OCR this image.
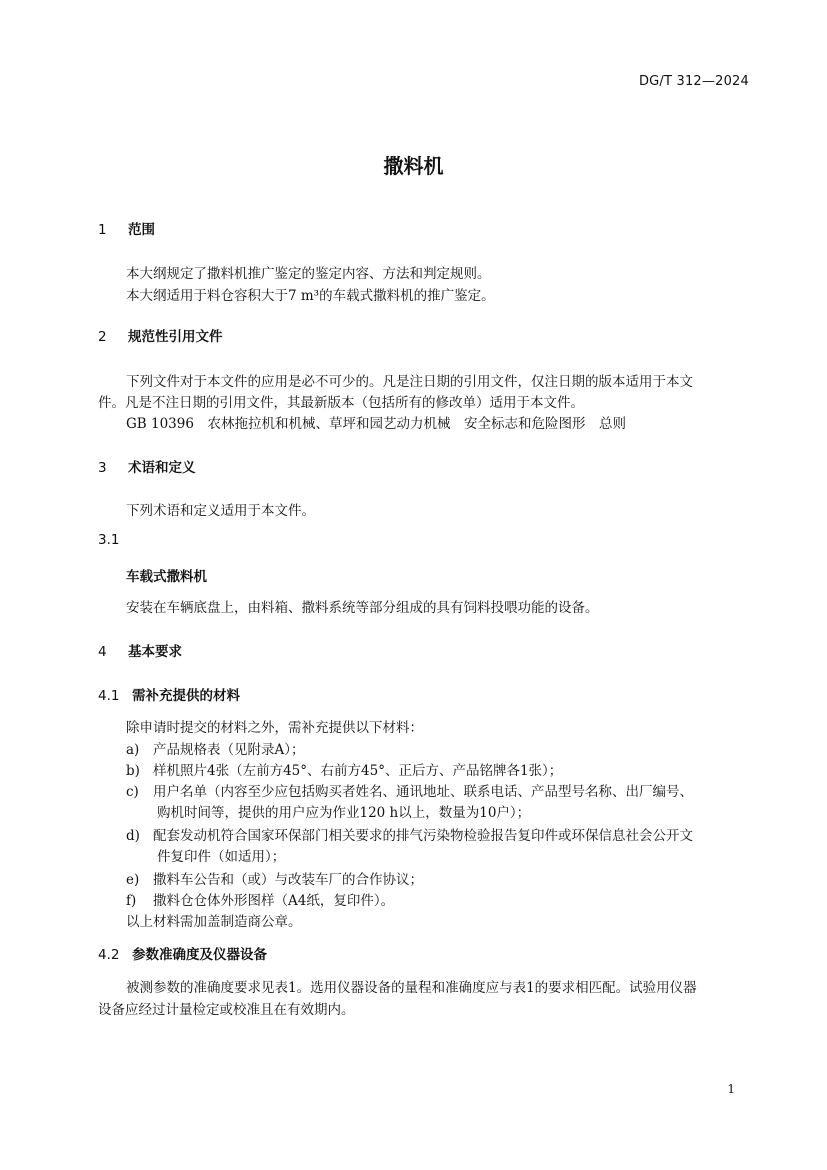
DG/T 312—2024
撒料机
1 范围
本大纲规定了撒料机推广鉴定的鉴定内容、方法和判定规则。
本大纲适用于料仓容积大于7 m³的车载式撒料机的推广鉴定。
2 规范性引用文件
下列文件对于本文件的应用是必不可少的。凡是注日期的引用文件，仅注日期的版本适用于本文
件。凡是不注日期的引用文件，其最新版本（包括所有的修改单）适用于本文件。
GB 10396　农林拖拉机和机械、草坪和园艺动力机械　安全标志和危险图形　总则
3 术语和定义
下列术语和定义适用于本文件。
3.1
车载式撒料机
安装在车辆底盘上，由料箱、撒料系统等部分组成的具有饲料投喂功能的设备。
4 基本要求
4.1 需补充提供的材料
除申请时提交的材料之外，需补充提供以下材料：
a) 产品规格表（见附录A）；
b) 样机照片4张（左前方45°、右前方45°、正后方、产品铭牌各1张）；
c) 用户名单（内容至少应包括购买者姓名、通讯地址、联系电话、产品型号名称、出厂编号、
购机时间等，提供的用户应为作业120 h以上，数量为10户）；
d) 配套发动机符合国家环保部门相关要求的排气污染物检验报告复印件或环保信息社会公开文
件复印件（如适用）；
e) 撒料车公告和（或）与改装车厂的合作协议；
f) 撒料仓仓体外形图样（A4纸，复印件）。
以上材料需加盖制造商公章。
4.2 参数准确度及仪器设备
被测参数的准确度要求见表1。选用仪器设备的量程和准确度应与表1的要求相匹配。试验用仪器
设备应经过计量检定或校准且在有效期内。
1
